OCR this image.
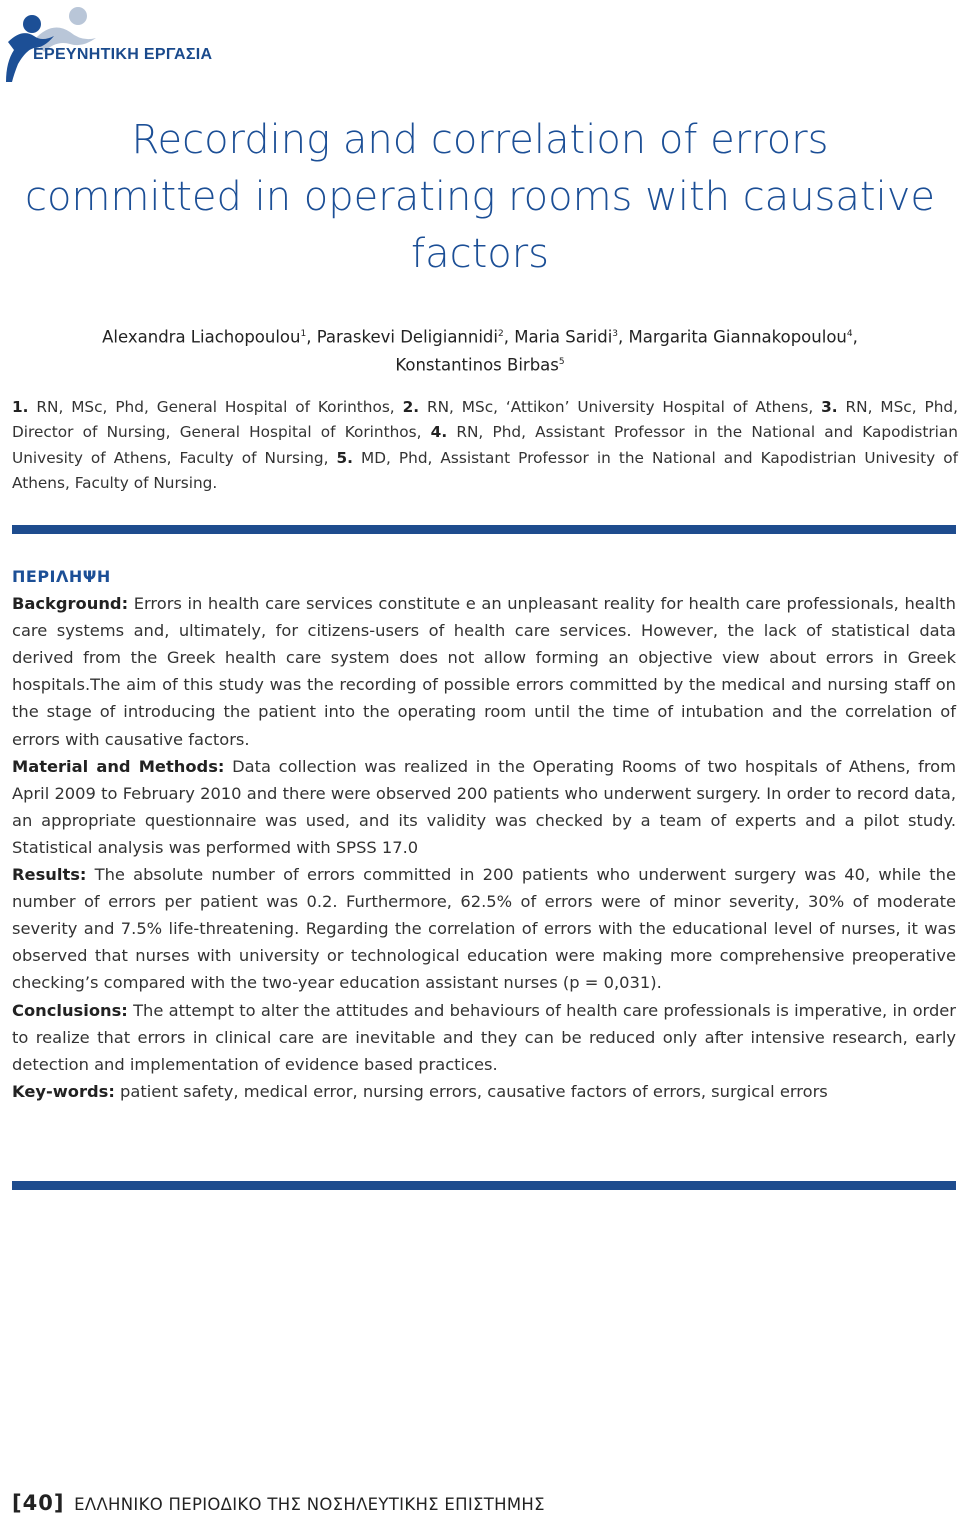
ΕΡΕΥΝΗΤΙΚΗ ΕΡΓΑΣΙΑ
Recording and correlation of errors
committed in operating rooms with causative
factors
Alexandra Liachopoulou$^1$, Paraskevi Deligiannidi$^2$, Maria Saridi$^3$, Margarita Giannakopoulou$^4$,
Konstantinos Birbas$^5$
1. RN, MSc, Phd, General Hospital of Korinthos, 2. RN, MSc, ‘Attikon’ University Hospital of Athens, 3. RN, MSc, Phd, Director of Nursing, General Hospital of Korinthos, 4. RN, Phd, Assistant Professor in the National and Kapodistrian Univesity of Athens, Faculty of Nursing, 5. MD, Phd, Assistant Professor in the National and Kapodistrian Univesity of Athens, Faculty of Nursing.
ΠΕΡΙΛΗΨΗ

Background: Errors in health care services constitute e an unpleasant reality for health care professionals, health care systems and, ultimately, for citizens-users of health care services. However, the lack of statistical data derived from the Greek health care system does not allow forming an objective view about errors in Greek hospitals.The aim of this study was the recording of possible errors committed by the medical and nursing staff on the stage of introducing the patient into the operating room until the time of intubation and the correlation of errors with causative factors.

Material and Methods: Data collection was realized in the Operating Rooms of two hospitals of Athens, from April 2009 to February 2010 and there were observed 200 patients who underwent surgery. In order to record data, an appropriate questionnaire was used, and its validity was checked by a team of experts and a pilot study. Statistical analysis was performed with SPSS 17.0

Results: The absolute number of errors committed in 200 patients who underwent surgery was 40, while the number of errors per patient was 0.2. Furthermore, 62.5% of errors were of minor severity, 30% of moderate severity and 7.5% life-threatening. Regarding the correlation of errors with the educational level of nurses, it was observed that nurses with university or technological education were making more comprehensive preoperative checking’s compared with the two-year education assistant nurses (p = 0,031).

Conclusions: The attempt to alter the attitudes and behaviours of health care professionals is imperative, in order to realize that errors in clinical care are inevitable and they can be reduced only after intensive research, early detection and implementation of evidence based practices.

Key-words: patient safety, medical error, nursing errors, causative factors of errors, surgical errors

[40] ΕΛΛΗΝΙΚΟ ΠΕΡΙΟΔΙΚΟ ΤΗΣ ΝΟΣΗΛΕΥΤΙΚΗΣ ΕΠΙΣΤΗΜΗΣ
